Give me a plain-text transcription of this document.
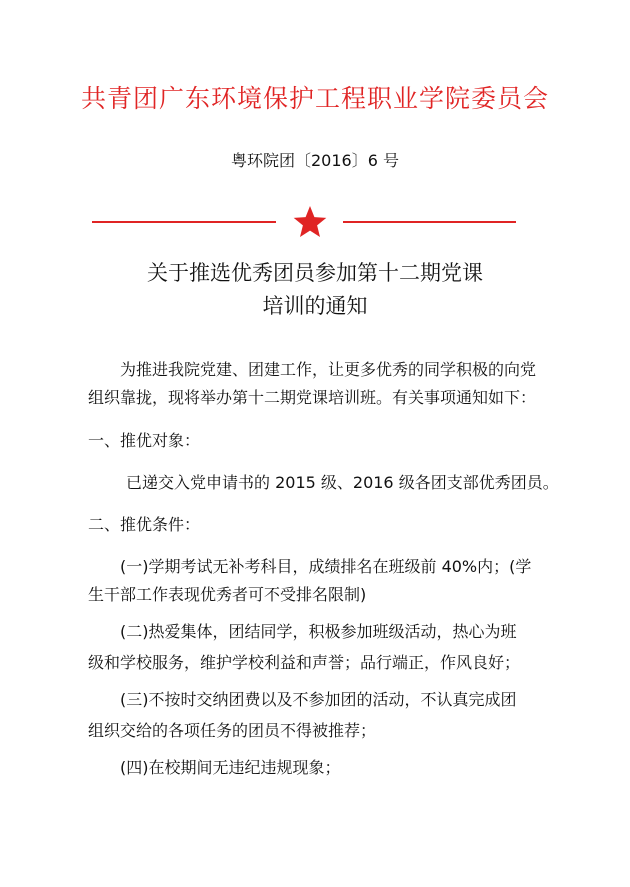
共青团广东环境保护工程职业学院委员会
粤环院团〔2016〕6 号
关于推选优秀团员参加第十二期党课
培训的通知
为推进我院党建、团建工作，让更多优秀的同学积极的向党
组织靠拢，现将举办第十二期党课培训班。有关事项通知如下：
一、推优对象：
已递交入党申请书的 2015 级、2016 级各团支部优秀团员。
二、推优条件：
(一)学期考试无补考科目，成绩排名在班级前 40%内；(学
生干部工作表现优秀者可不受排名限制)
(二)热爱集体，团结同学，积极参加班级活动，热心为班
级和学校服务，维护学校利益和声誉；品行端正，作风良好；
(三)不按时交纳团费以及不参加团的活动，不认真完成团
组织交给的各项任务的团员不得被推荐；
(四)在校期间无违纪违规现象；
